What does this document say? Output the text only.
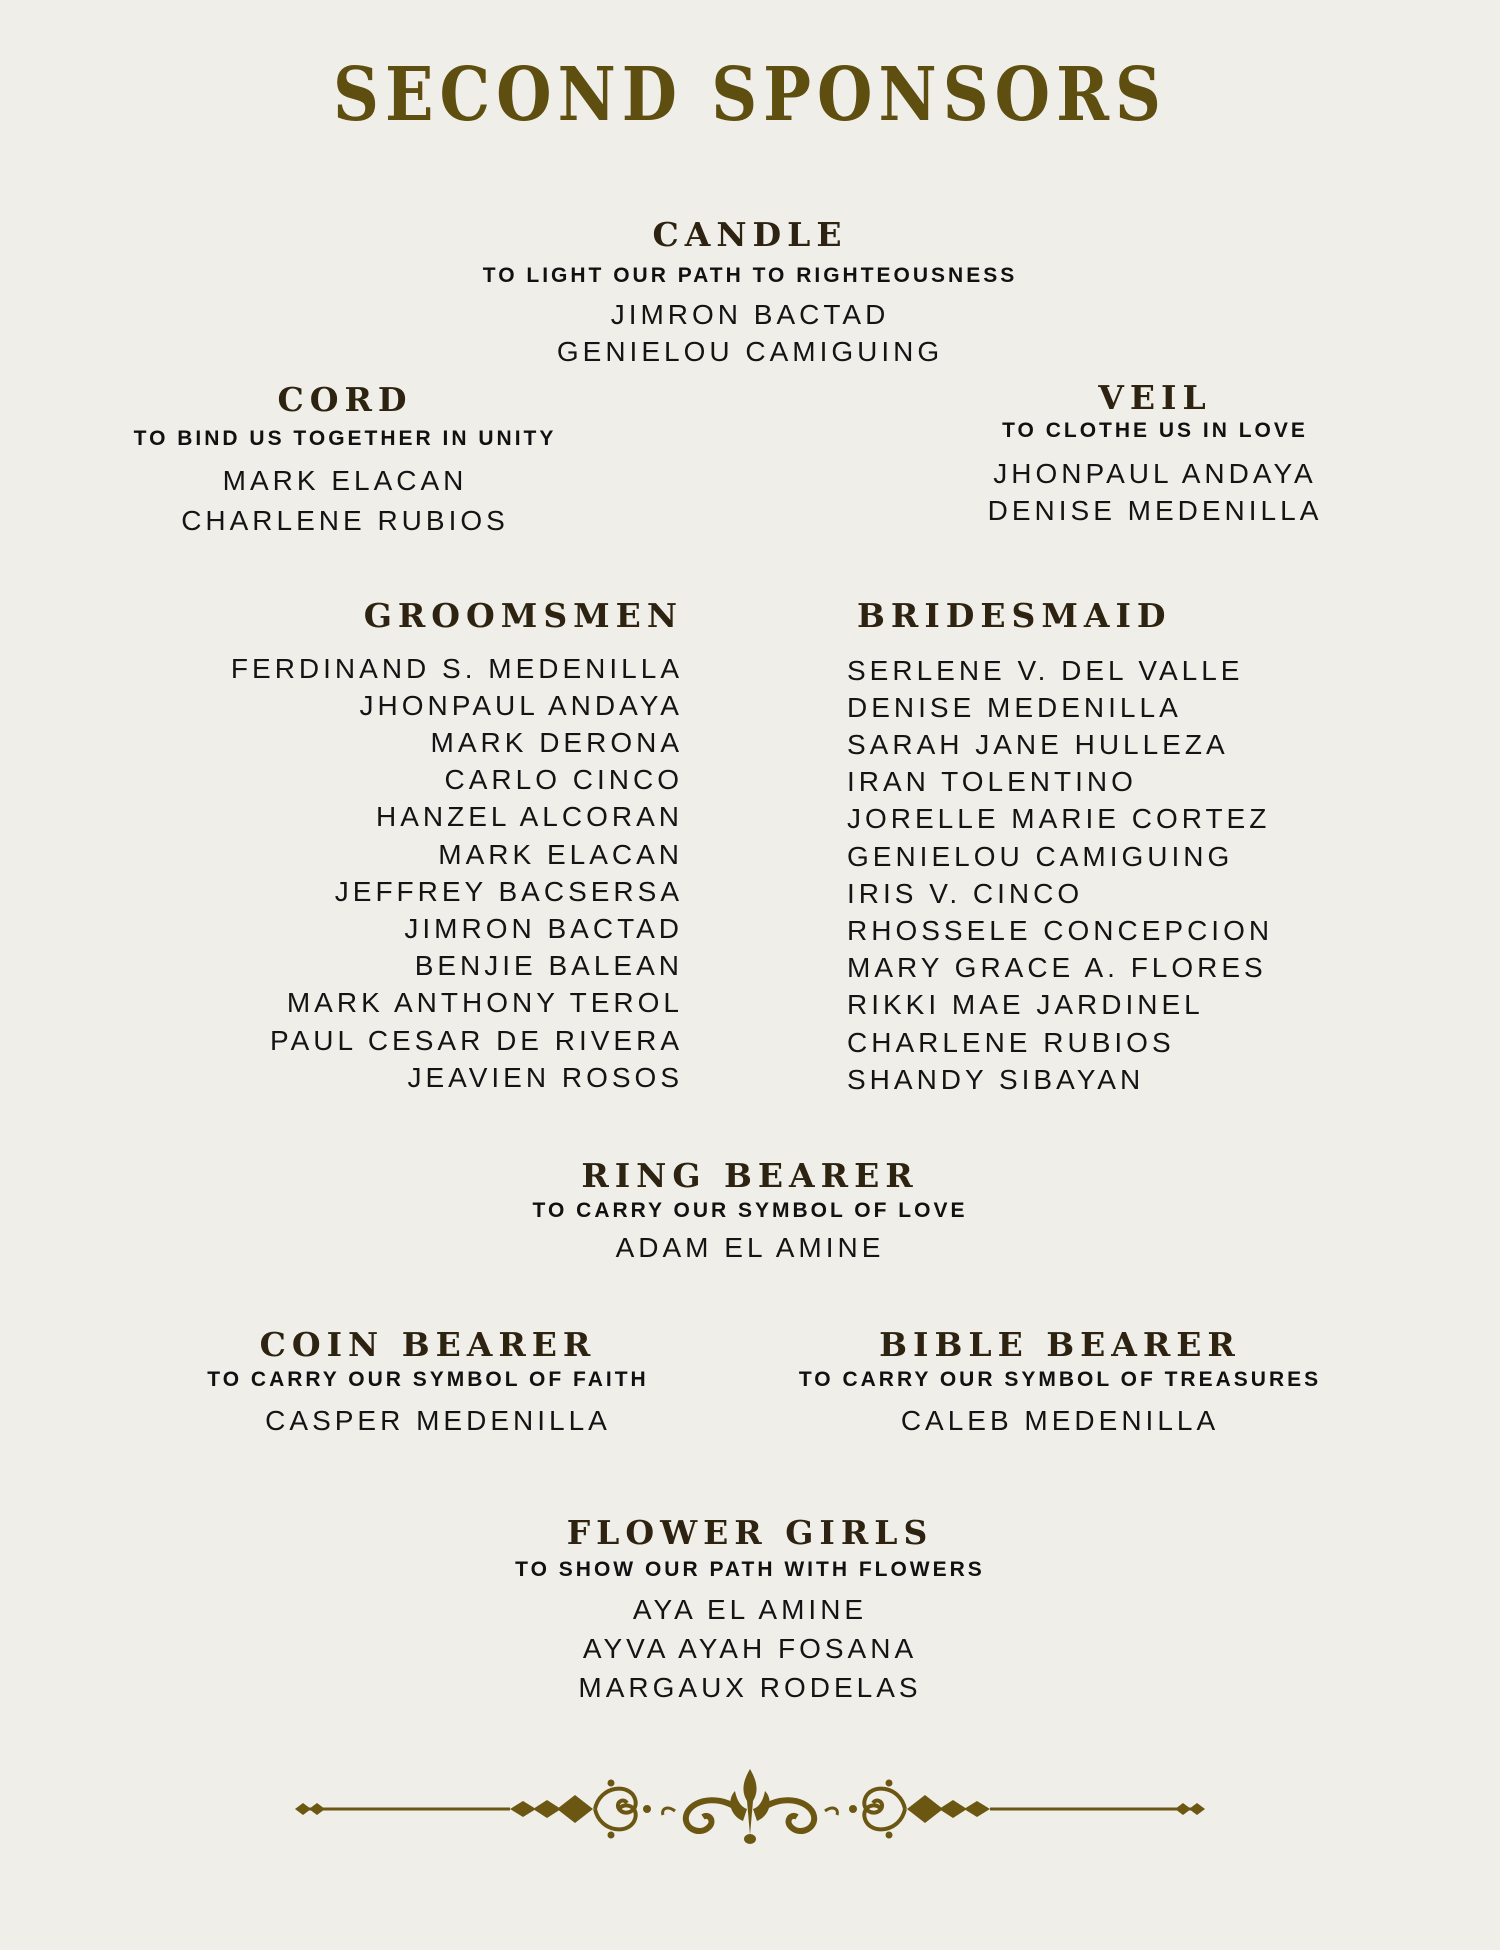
SECOND SPONSORS
CANDLE
TO LIGHT OUR PATH TO RIGHTEOUSNESS
JIMRON BACTAD
GENIELOU CAMIGUING
CORD
TO BIND US TOGETHER IN UNITY
MARK ELACAN
CHARLENE RUBIOS
VEIL
TO CLOTHE US IN LOVE
JHONPAUL ANDAYA
DENISE MEDENILLA
GROOMSMEN
FERDINAND S. MEDENILLA
JHONPAUL ANDAYA
MARK DERONA
CARLO CINCO
HANZEL ALCORAN
MARK ELACAN
JEFFREY BACSERSA
JIMRON BACTAD
BENJIE BALEAN
MARK ANTHONY TEROL
PAUL CESAR DE RIVERA
JEAVIEN ROSOS
BRIDESMAID
SERLENE V. DEL VALLE
DENISE MEDENILLA
SARAH JANE HULLEZA
IRAN TOLENTINO
JORELLE MARIE CORTEZ
GENIELOU CAMIGUING
IRIS V. CINCO
RHOSSELE CONCEPCION
MARY GRACE A. FLORES
RIKKI MAE JARDINEL
CHARLENE RUBIOS
SHANDY SIBAYAN
RING BEARER
TO CARRY OUR SYMBOL OF LOVE
ADAM EL AMINE
COIN BEARER
TO CARRY OUR SYMBOL OF FAITH
CASPER MEDENILLA
BIBLE BEARER
TO CARRY OUR SYMBOL OF TREASURES
CALEB MEDENILLA
FLOWER GIRLS
TO SHOW OUR PATH WITH FLOWERS
AYA EL AMINE
AYVA AYAH FOSANA
MARGAUX RODELAS
